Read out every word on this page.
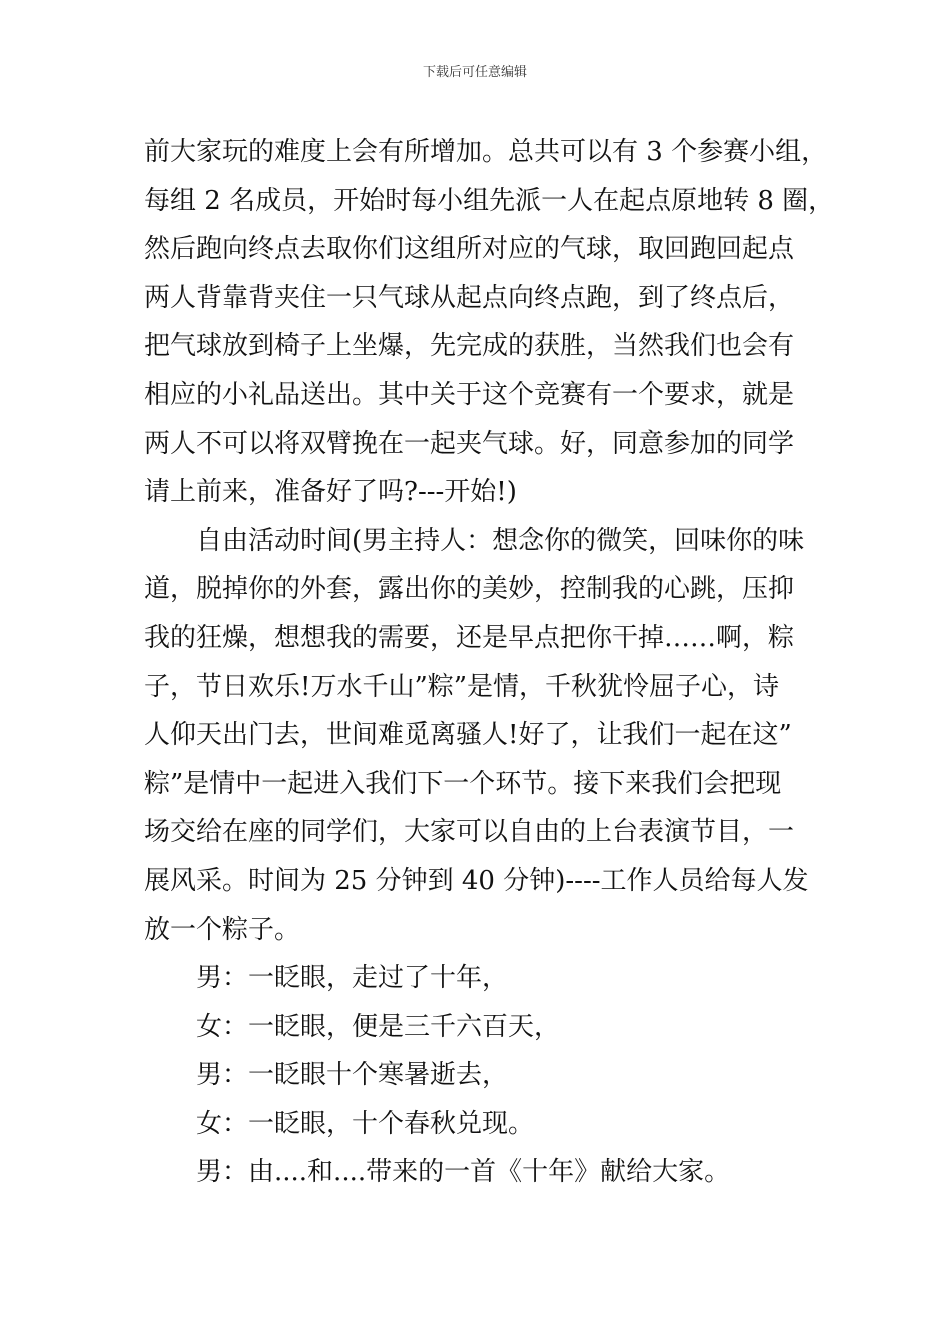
下载后可任意编辑

前大家玩的难度上会有所增加。总共可以有 3 个参赛小组，
每组 2 名成员，开始时每小组先派一人在起点原地转 8 圈，
然后跑向终点去取你们这组所对应的气球，取回跑回起点
两人背靠背夹住一只气球从起点向终点跑，到了终点后，
把气球放到椅子上坐爆，先完成的获胜，当然我们也会有
相应的小礼品送出。其中关于这个竞赛有一个要求，就是
两人不可以将双臂挽在一起夹气球。好，同意参加的同学
请上前来，准备好了吗?---开始!)

自由活动时间(男主持人：想念你的微笑，回味你的味
道，脱掉你的外套，露出你的美妙，控制我的心跳，压抑
我的狂燥，想想我的需要，还是早点把你干掉……啊，粽
子，节日欢乐!万水千山”粽”是情，千秋犹怜屈子心，诗
人仰天出门去，世间难觅离骚人!好了，让我们一起在这”
粽”是情中一起进入我们下一个环节。接下来我们会把现
场交给在座的同学们，大家可以自由的上台表演节目，一
展风采。时间为 25 分钟到 40 分钟)----工作人员给每人发
放一个粽子。

男：一眨眼，走过了十年，

女：一眨眼，便是三千六百天，

男：一眨眼十个寒暑逝去，

女：一眨眼，十个春秋兑现。

男：由....和....带来的一首《十年》献给大家。
